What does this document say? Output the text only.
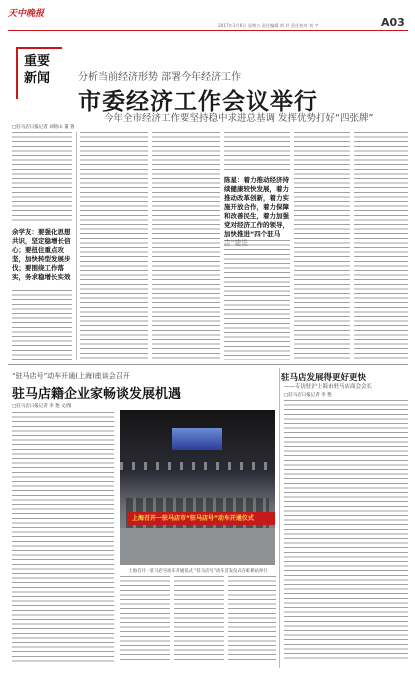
天中晚报
2017年1月6日 星期五 责任编辑 黄 玲 责任校对 刘 宇	A03
重要
新闻	分析当前经济形势 部署今年经济工作
市委经济工作会议举行
今年全市经济工作要坚持稳中求进总基调 发挥优势打好“四张牌”
□驻马店日报记者 刘铭山 董 鲁
余学友：要强化思想共识，坚定稳增长信心；要扭住重点攻坚，加快转型发展步伐；要围绕工作落实，务求稳增长实效
陈星：着力推动经济持续健康较快发展，着力推动改革创新，着力实施开放合作，着力保障和改善民生，着力加强党对经济工作的领导，加快推进“四个驻马
“驻马店号”动车开通(上海)座谈会召开
驻马店籍企业家畅谈发展机遇
□驻马店日报记者 李 艳 文/图
上海召开一驻马店市“驻马店号”动车开通仪式
上海召开一驻马店号动车开通仪式 “驻马店号”动车首发仪式在虹桥站举行
驻马店发展得更好更快
——专访驻沪上海市驻马店商会会长
□驻马店日报记者 李 艳
